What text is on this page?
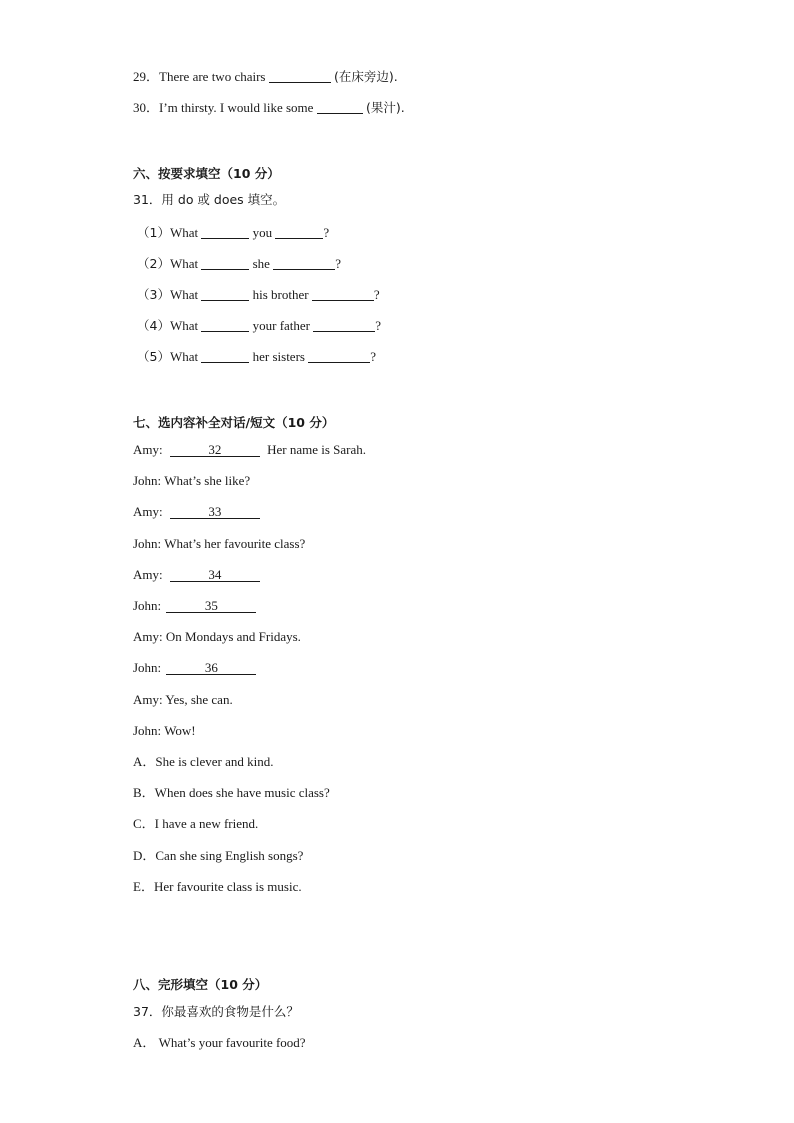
29．There are two chairs	(在床旁边).
30．I’m thirsty. I would like some	(果汁).
六、按要求填空（10 分）
31．用 do 或 does 填空。
（1）What	you	?
（2）What	she	?
（3）What	his brother	?
（4）What	your father	?
（5）What	her sisters	?
七、选内容补全对话/短文（10 分）
Amy:	32	Her name is Sarah.
John: What’s she like?
Amy:	33
John: What’s her favourite class?
Amy:	34
John:	35
Amy: On Mondays and Fridays.
John:	36
Amy: Yes, she can.
John: Wow!
A．She is clever and kind.
B．When does she have music class?
C．I have a new friend.
D．Can she sing English songs?
E．Her favourite class is music.
八、完形填空（10 分）
37．你最喜欢的食物是什么？
A． What’s your favourite food?
